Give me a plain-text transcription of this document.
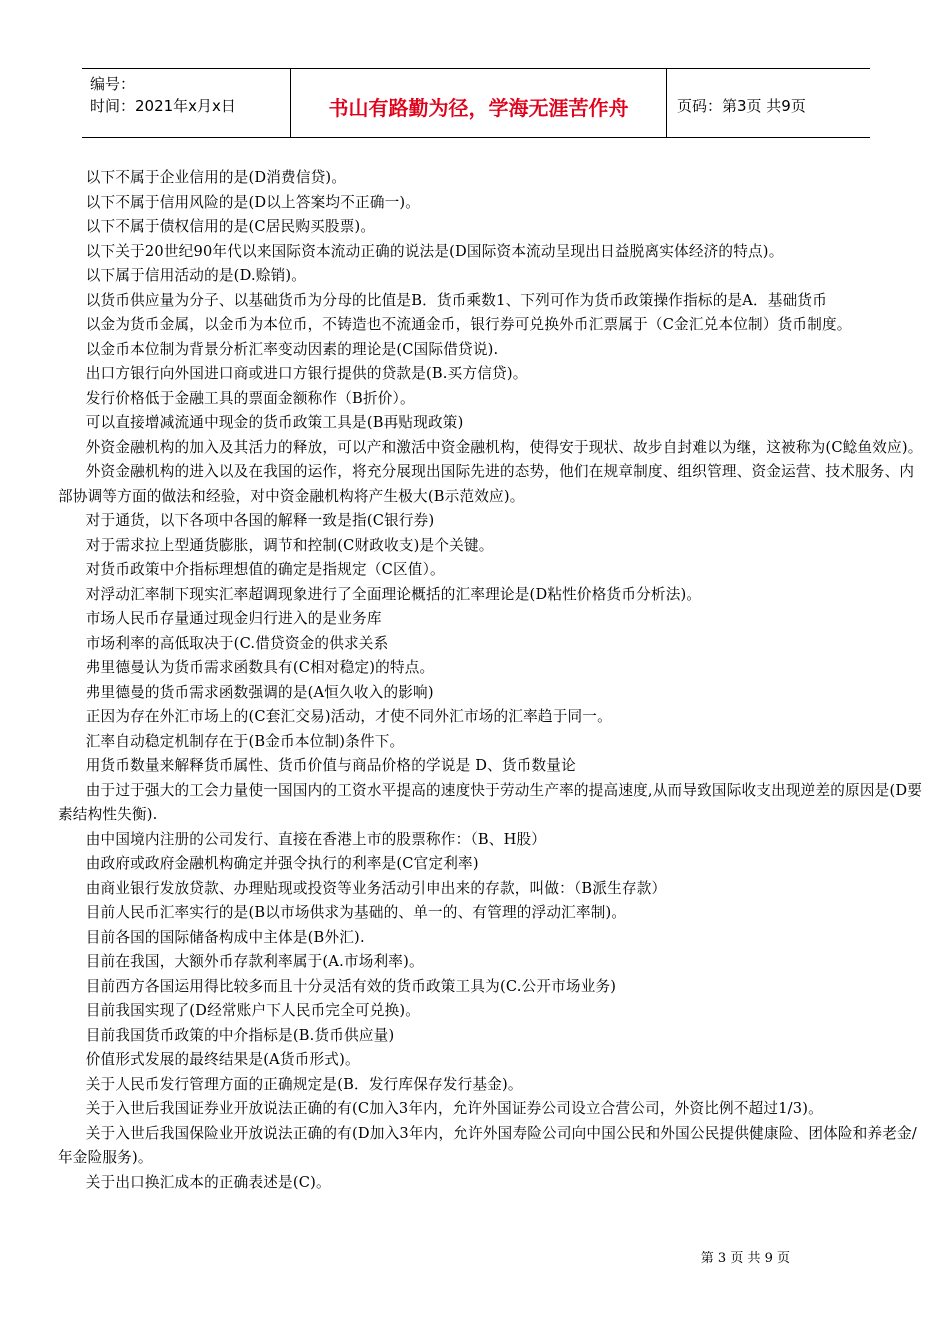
编号：
时间：2021年x月x日	书山有路勤为径，学海无涯苦作舟	页码：第3页 共9页

以下不属于企业信用的是(D消费信贷)。

以下不属于信用风险的是(D以上答案均不正确一)。

以下不属于债权信用的是(C居民购买股票)。

以下关于20世纪90年代以来国际资本流动正确的说法是(D国际资本流动呈现出日益脱离实体经济的特点)。

以下属于信用活动的是(D.赊销)。

以货币供应量为分子、以基础货币为分母的比值是B．货币乘数1、下列可作为货币政策操作指标的是A．基础货币

以金为货币金属，以金币为本位币，不铸造也不流通金币，银行券可兑换外币汇票属于（C金汇兑本位制）货币制度。

以金币本位制为背景分析汇率变动因素的理论是(C国际借贷说).

出口方银行向外国进口商或进口方银行提供的贷款是(B.买方信贷)。

发行价格低于金融工具的票面金额称作（B折价）。

可以直接增减流通中现金的货币政策工具是(B再贴现政策)

外资金融机构的加入及其活力的释放，可以产和激活中资金融机构，使得安于现状、故步自封难以为继，这被称为(C鲶鱼效应)。

外资金融机构的进入以及在我国的运作，将充分展现出国际先进的态势，他们在规章制度、组织管理、资金运营、技术服务、内部协调等方面的做法和经验，对中资金融机构将产生极大(B示范效应)。

对于通货，以下各项中各国的解释一致是指(C银行券)

对于需求拉上型通货膨胀，调节和控制(C财政收支)是个关键。

对货币政策中介指标理想值的确定是指规定（C区值）。

对浮动汇率制下现实汇率超调现象进行了全面理论概括的汇率理论是(D粘性价格货币分析法)。

市场人民币存量通过现金归行进入的是业务库

市场利率的高低取决于(C.借贷资金的供求关系

弗里德曼认为货币需求函数具有(C相对稳定)的特点。

弗里德曼的货币需求函数强调的是(A恒久收入的影响)

正因为存在外汇市场上的(C套汇交易)活动，才使不同外汇市场的汇率趋于同一。

汇率自动稳定机制存在于(B金币本位制)条件下。

用货币数量来解释货币属性、货币价值与商品价格的学说是 D、货币数量论

由于过于强大的工会力量使一国国内的工资水平提高的速度快于劳动生产率的提高速度,从而导致国际收支出现逆差的原因是(D要素结构性失衡).

由中国境内注册的公司发行、直接在香港上市的股票称作：（B、H股）

由政府或政府金融机构确定并强令执行的利率是(C官定利率)

由商业银行发放贷款、办理贴现或投资等业务活动引申出来的存款，叫做：（B派生存款）

目前人民币汇率实行的是(B以市场供求为基础的、单一的、有管理的浮动汇率制)。

目前各国的国际储备构成中主体是(B外汇).

目前在我国，大额外币存款利率属于(A.市场利率)。

目前西方各国运用得比较多而且十分灵活有效的货币政策工具为(C.公开市场业务)

目前我国实现了(D经常账户下人民币完全可兑换)。

目前我国货币政策的中介指标是(B.货币供应量)

价值形式发展的最终结果是(A货币形式)。

关于人民币发行管理方面的正确规定是(B．发行库保存发行基金)。

关于入世后我国证券业开放说法正确的有(C加入3年内，允许外国证券公司设立合营公司，外资比例不超过1/3)。

关于入世后我国保险业开放说法正确的有(D加入3年内，允许外国寿险公司向中国公民和外国公民提供健康险、团体险和养老金/年金险服务)。

关于出口换汇成本的正确表述是(C)。

第 3 页 共 9 页
